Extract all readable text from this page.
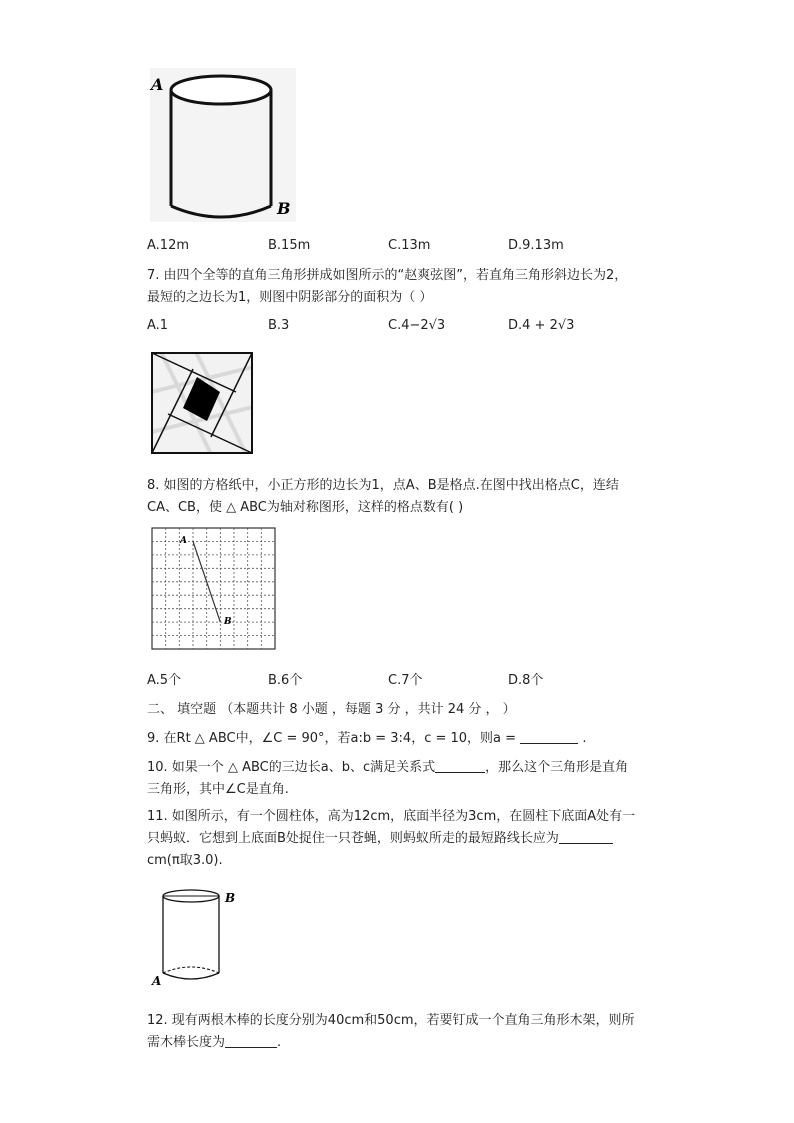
A
B
A.12m	B.15m	C.13m	D.9.13m
7. 由四个全等的直角三角形拼成如图所示的“赵爽弦图”，若直角三角形斜边长为2，
最短的之边长为1，则图中阴影部分的面积为（ ）
A.1	B.3	C.4−2√3	D.4 + 2√3
8. 如图的方格纸中，小正方形的边长为1，点A、B是格点.在图中找出格点C，连结
CA、CB，使 △ ABC为轴对称图形，这样的格点数有( )
A
B
A.5个	B.6个	C.7个	D.8个
二、 填空题 （本题共计 8 小题 ，每题 3 分 ，共计 24 分 ， ）
9. 在Rt △ ABC中，∠C = 90°，若a:b = 3:4，c = 10，则a =	.
10. 如果一个 △ ABC的三边长a、b、c满足关系式	，那么这个三角形是直角
三角形，其中∠C是直角.
11. 如图所示，有一个圆柱体，高为12cm，底面半径为3cm，在圆柱下底面A处有一
只蚂蚁．它想到上底面B处捉住一只苍蝇，则蚂蚁所走的最短路线长应为
cm(π取3.0).
B
A
12. 现有两根木棒的长度分别为40cm和50cm，若要钉成一个直角三角形木架，则所
需木棒长度为	.
